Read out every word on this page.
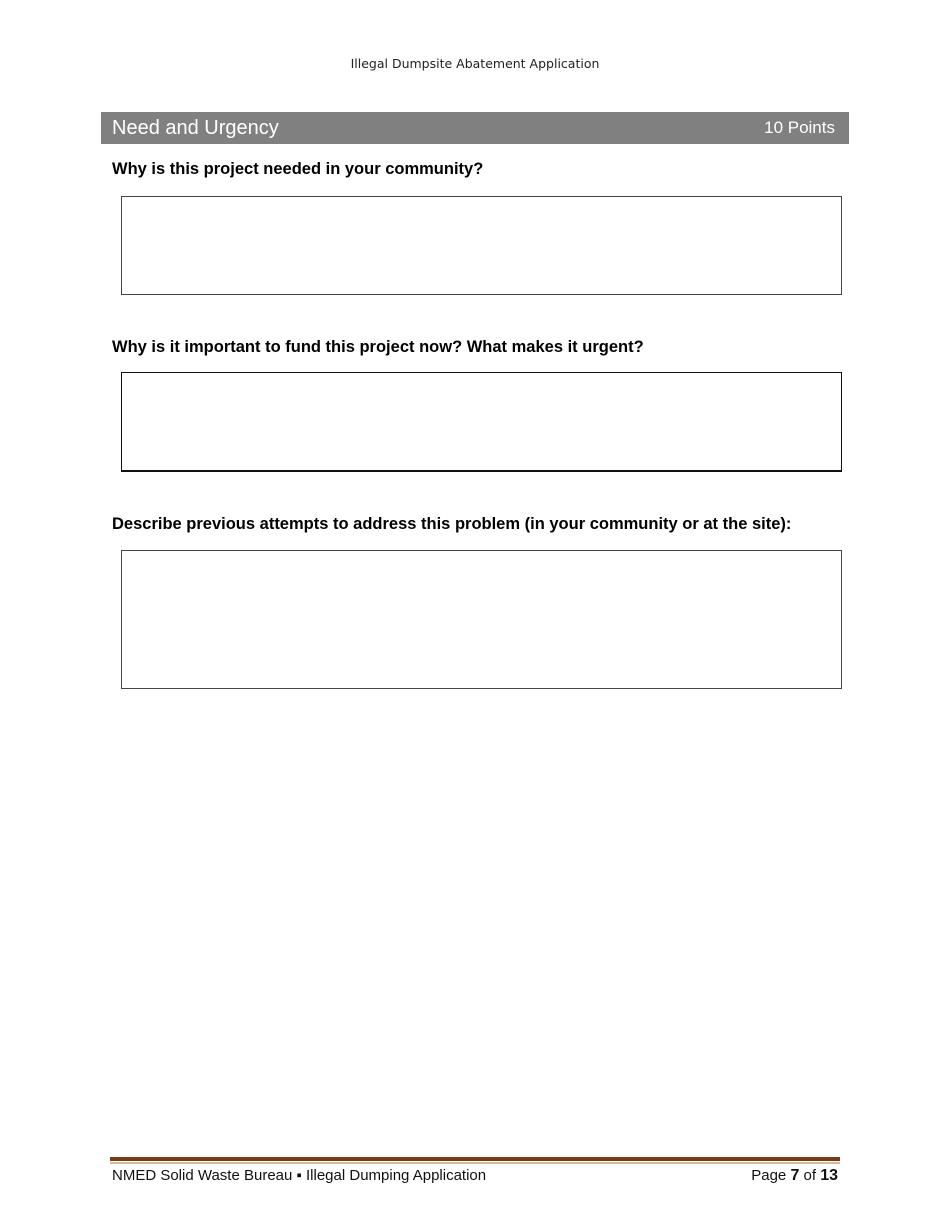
Illegal Dumpsite Abatement Application
Need and Urgency	10 Points
Why is this project needed in your community?
Why is it important to fund this project now? What makes it urgent?
Describe previous attempts to address this problem (in your community or at the site):
NMED Solid Waste Bureau ▪ Illegal Dumping Application	Page 7 of 13
